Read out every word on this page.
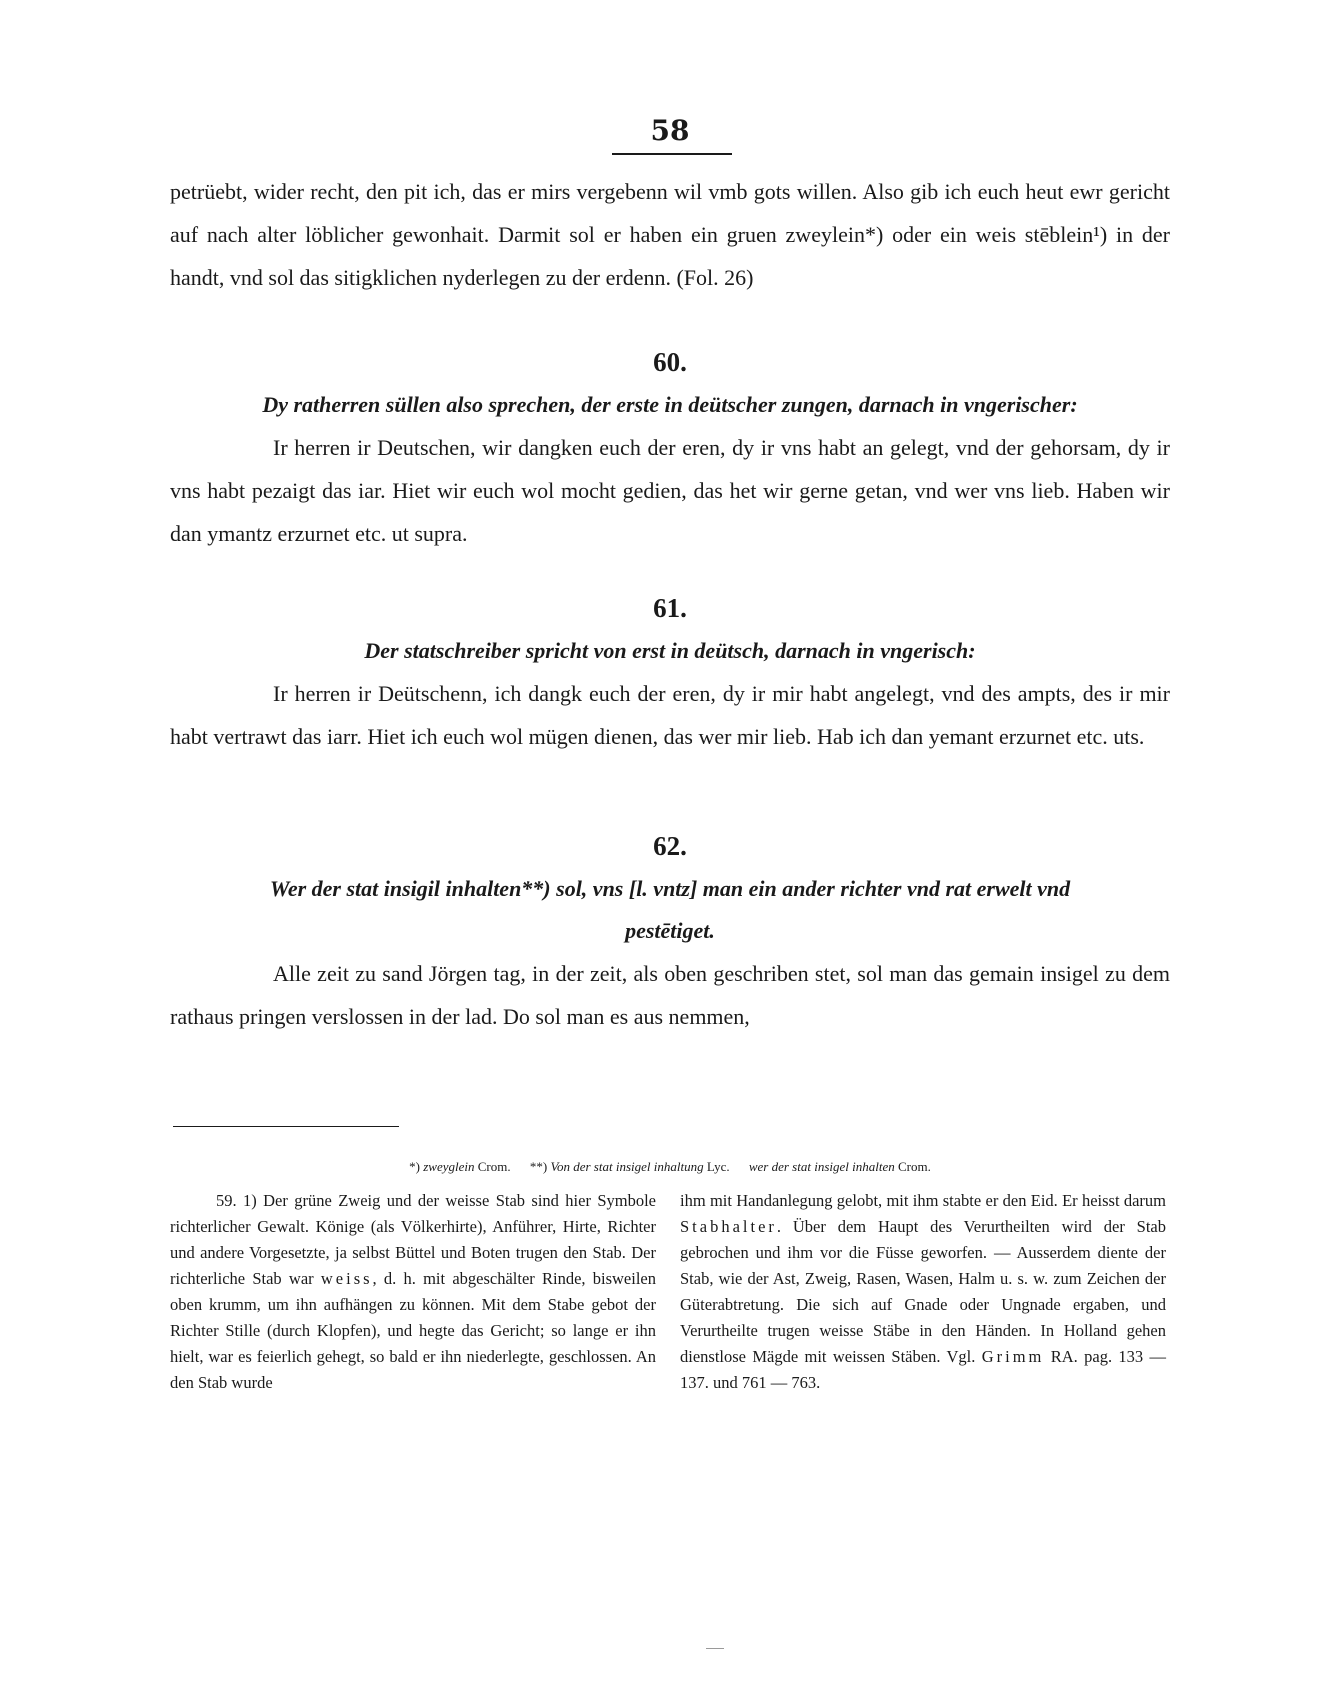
58

petrüebt, wider recht, den pit ich, das er mirs vergebenn wil vmb gots willen. Also gib ich euch heut ewr gericht auf nach alter löblicher gewonhait. Darmit sol er haben ein gruen zweylein*) oder ein weis stēblein¹) in der handt, vnd sol das sitigklichen nyderlegen zu der erdenn. (Fol. 26)

60.

Dy ratherren süllen also sprechen, der erste in deütscher zungen, darnach in vngerischer:

Ir herren ir Deutschen, wir dangken euch der eren, dy ir vns habt an gelegt, vnd der gehorsam, dy ir vns habt pezaigt das iar. Hiet wir euch wol mocht gedien, das het wir gerne getan, vnd wer vns lieb. Haben wir dan ymantz erzurnet etc. ut supra.

61.

Der statschreiber spricht von erst in deütsch, darnach in vngerisch:

Ir herren ir Deütschenn, ich dangk euch der eren, dy ir mir habt angelegt, vnd des ampts, des ir mir habt vertrawt das iarr. Hiet ich euch wol mügen dienen, das wer mir lieb. Hab ich dan yemant erzurnet etc. uts.

62.

Wer der stat insigil inhalten**) sol, vns [l. vntz] man ein ander richter vnd rat erwelt vnd pestētiget.

Alle zeit zu sand Jörgen tag, in der zeit, als oben geschriben stet, sol man das gemain insigel zu dem rathaus pringen verslossen in der lad. Do sol man es aus nemmen,

*) zweyglein Crom. **) Von der stat insigel inhaltung Lyc. wer der stat insigel inhalten Crom.

59. 1) Der grüne Zweig und der weisse Stab sind hier Symbole richterlicher Gewalt. Könige (als Völkerhirte), Anführer, Hirte, Richter und andere Vorgesetzte, ja selbst Büttel und Boten trugen den Stab. Der richterliche Stab war weiss, d. h. mit abgeschälter Rinde, bisweilen oben krumm, um ihn aufhängen zu können. Mit dem Stabe gebot der Richter Stille (durch Klopfen), und hegte das Gericht; so lange er ihn hielt, war es feierlich gehegt, so bald er ihn niederlegte, geschlossen. An den Stab wurde

ihm mit Handanlegung gelobt, mit ihm stabte er den Eid. Er heisst darum Stabhalter. Über dem Haupt des Verurtheilten wird der Stab gebrochen und ihm vor die Füsse geworfen. — Ausserdem diente der Stab, wie der Ast, Zweig, Rasen, Wasen, Halm u. s. w. zum Zeichen der Güterabtretung. Die sich auf Gnade oder Ungnade ergaben, und Verurtheilte trugen weisse Stäbe in den Händen. In Holland gehen dienstlose Mägde mit weissen Stäben. Vgl. Grimm RA. pag. 133 — 137. und 761 — 763.
